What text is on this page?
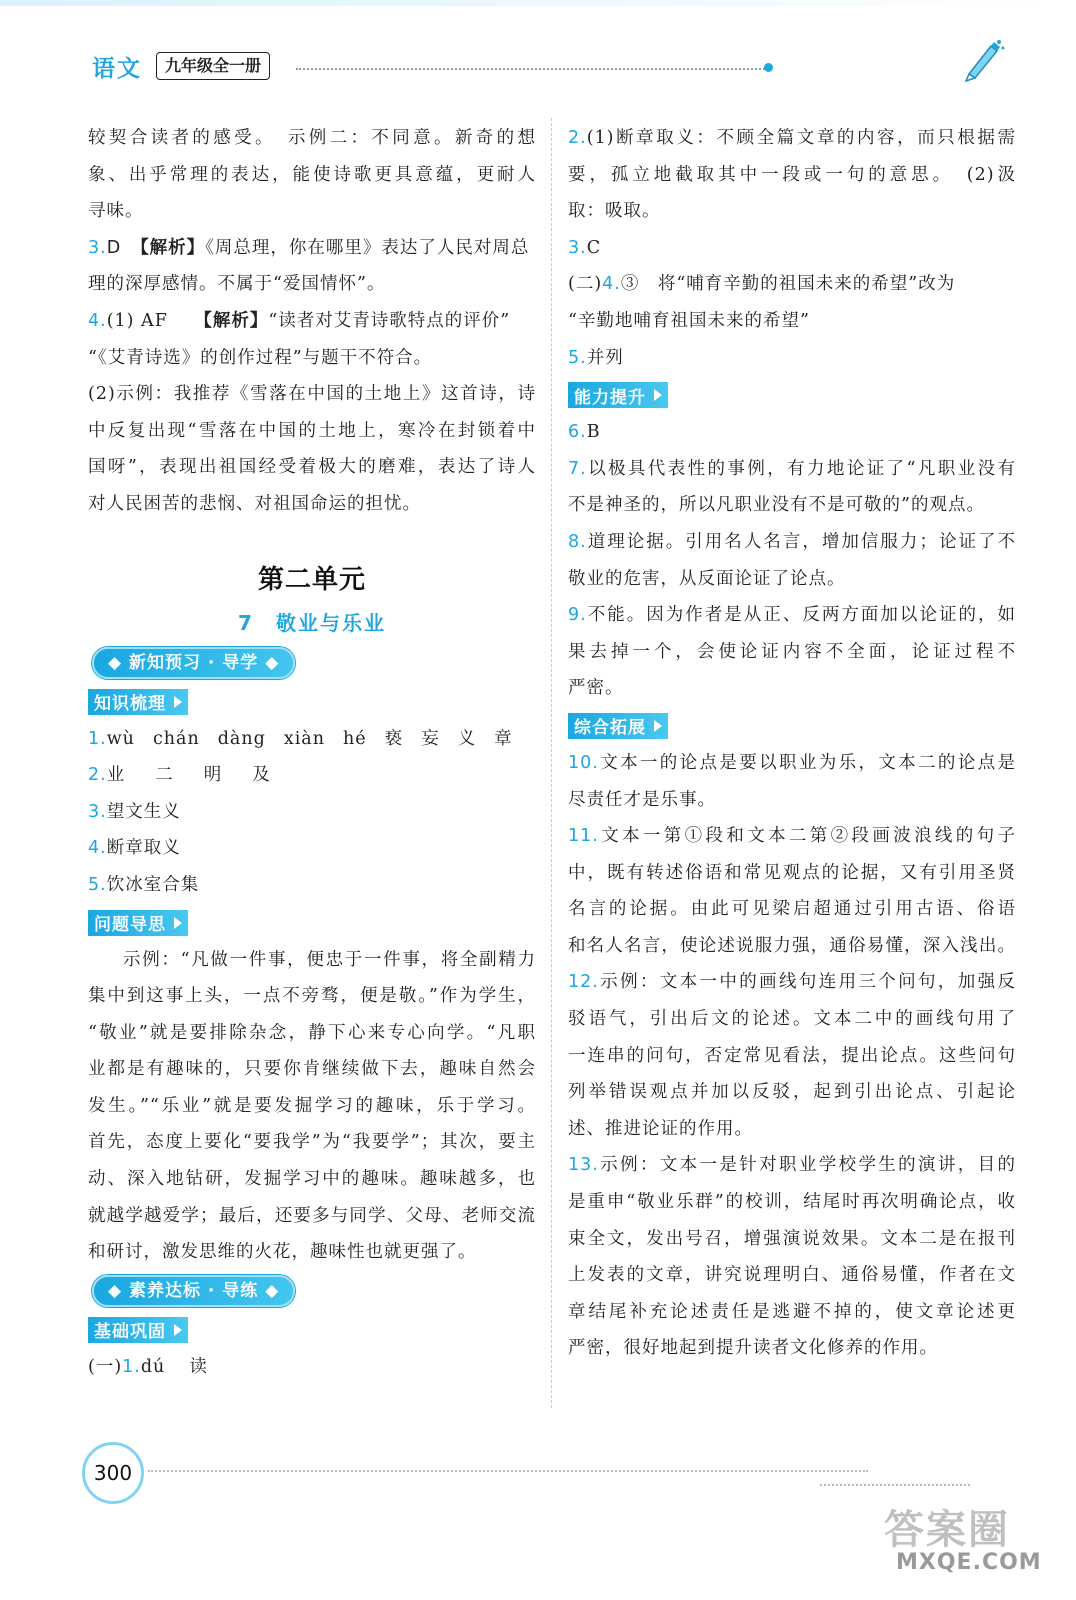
语文	九年级全一册
较契合读者的感受。　示例二：不同意。新奇的想
象、出乎常理的表达，能使诗歌更具意蕴，更耐人
寻味。
3.D 【解析】《周总理，你在哪里》表达了人民对周总
理的深厚感情。不属于“爱国情怀”。
4.(1) AF　【解析】“读者对艾青诗歌特点的评价”
“《艾青诗选》的创作过程”与题干不符合。
(2)示例：我推荐《雪落在中国的土地上》这首诗，诗
中反复出现“雪落在中国的土地上，寒冷在封锁着中
国呀”，表现出祖国经受着极大的磨难，表达了诗人
对人民困苦的悲悯、对祖国命运的担忧。
第二单元
7 敬业与乐业
◆ 新知预习 · 导学 ◆
知识梳理
1.wù chán dàng xiàn hé 亵 妄 义 章
2.业 二 明 及
3.望文生义
4.断章取义
5.饮冰室合集
问题导思
示例：“凡做一件事，便忠于一件事，将全副精力
集中到这事上头，一点不旁骛，便是敬。”作为学生，
“敬业”就是要排除杂念，静下心来专心向学。“凡职
业都是有趣味的，只要你肯继续做下去，趣味自然会
发生。”“乐业”就是要发掘学习的趣味，乐于学习。
首先，态度上要化“要我学”为“我要学”；其次，要主
动、深入地钻研，发掘学习中的趣味。趣味越多，也
就越学越爱学；最后，还要多与同学、父母、老师交流
和研讨，激发思维的火花，趣味性也就更强了。
◆ 素养达标 · 导练 ◆
基础巩固
(一)1.dú 读
2.(1)断章取义：不顾全篇文章的内容，而只根据需
要，孤立地截取其中一段或一句的意思。　(2)汲
取：吸取。
3.C
(二)4.③　将“哺育辛勤的祖国未来的希望”改为
“辛勤地哺育祖国未来的希望”
5.并列
能力提升
6.B
7.以极具代表性的事例，有力地论证了“凡职业没有
不是神圣的，所以凡职业没有不是可敬的”的观点。
8.道理论据。引用名人名言，增加信服力；论证了不
敬业的危害，从反面论证了论点。
9.不能。因为作者是从正、反两方面加以论证的，如
果去掉一个，会使论证内容不全面，论证过程不
严密。
综合拓展
10.文本一的论点是要以职业为乐，文本二的论点是
尽责任才是乐事。
11.文本一第①段和文本二第②段画波浪线的句子
中，既有转述俗语和常见观点的论据，又有引用圣贤
名言的论据。由此可见梁启超通过引用古语、俗语
和名人名言，使论述说服力强，通俗易懂，深入浅出。
12.示例：文本一中的画线句连用三个问句，加强反
驳语气，引出后文的论述。文本二中的画线句用了
一连串的问句，否定常见看法，提出论点。这些问句
列举错误观点并加以反驳，起到引出论点、引起论
述、推进论证的作用。
13.示例：文本一是针对职业学校学生的演讲，目的
是重申“敬业乐群”的校训，结尾时再次明确论点，收
束全文，发出号召，增强演说效果。文本二是在报刊
上发表的文章，讲究说理明白、通俗易懂，作者在文
章结尾补充论述责任是逃避不掉的，使文章论述更
严密，很好地起到提升读者文化修养的作用。
300
答案圈
MXQE.COM
